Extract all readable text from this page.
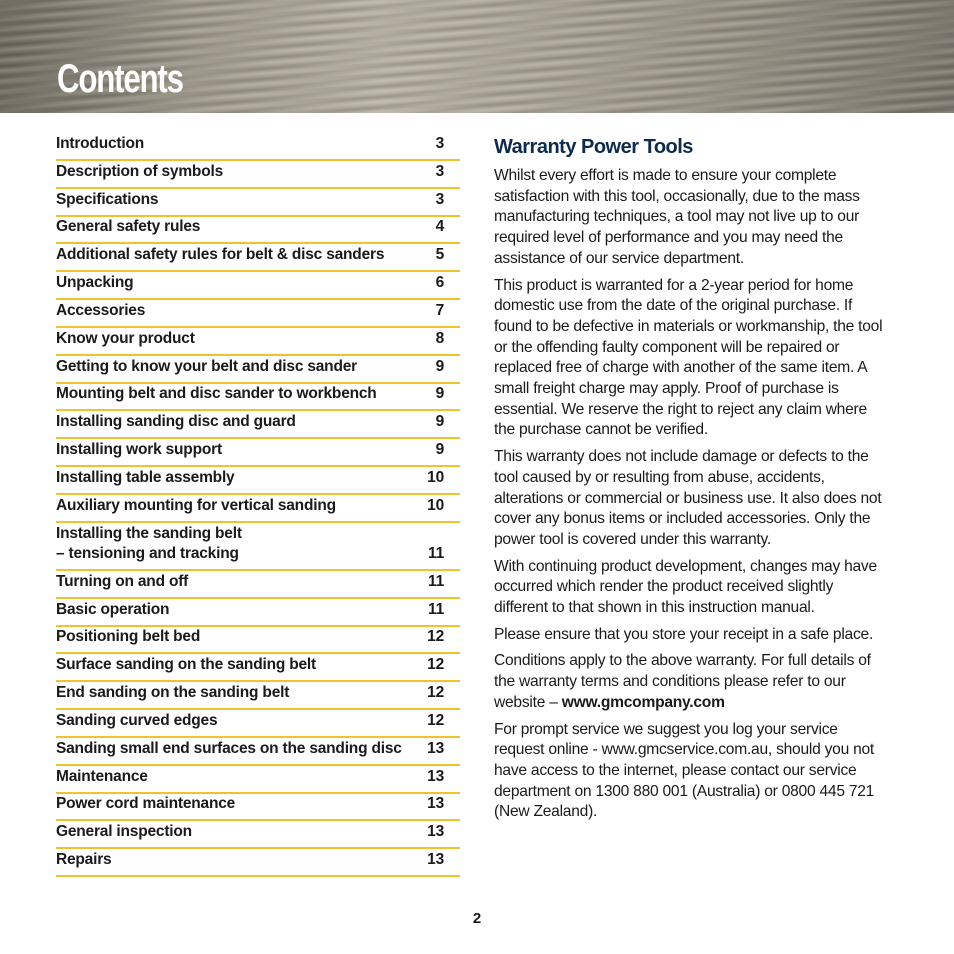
Contents
Introduction	3
Description of symbols	3
Specifications	3
General safety rules	4
Additional safety rules for belt & disc sanders	5
Unpacking	6
Accessories	7
Know your product	8
Getting to know your belt and disc sander	9
Mounting belt and disc sander to workbench	9
Installing sanding disc and guard	9
Installing work support	9
Installing table assembly	10
Auxiliary mounting for vertical sanding	10
Installing the sanding belt
– tensioning and tracking	11
Turning on and off	11
Basic operation	11
Positioning belt bed	12
Surface sanding on the sanding belt	12
End sanding on the sanding belt	12
Sanding curved edges	12
Sanding small end surfaces on the sanding disc	13
Maintenance	13
Power cord maintenance	13
General inspection	13
Repairs	13
Warranty Power Tools

Whilst every effort is made to ensure your complete satisfaction with this tool, occasionally, due to the mass manufacturing techniques, a tool may not live up to our required level of performance and you may need the assistance of our service department.

This product is warranted for a 2-year period for home domestic use from the date of the original purchase. If found to be defective in materials or workmanship, the tool or the offending faulty component will be repaired or replaced free of charge with another of the same item. A small freight charge may apply. Proof of purchase is essential. We reserve the right to reject any claim where the purchase cannot be verified.

This warranty does not include damage or defects to the tool caused by or resulting from abuse, accidents, alterations or commercial or business use. It also does not cover any bonus items or included accessories. Only the power tool is covered under this warranty.

With continuing product development, changes may have occurred which render the product received slightly different to that shown in this instruction manual.

Please ensure that you store your receipt in a safe place.

Conditions apply to the above warranty. For full details of the warranty terms and conditions please refer to our website – www.gmcompany.com

For prompt service we suggest you log your service request online - www.gmcservice.com.au, should you not have access to the internet, please contact our service department on 1300 880 001 (Australia) or 0800 445 721 (New Zealand).

2
